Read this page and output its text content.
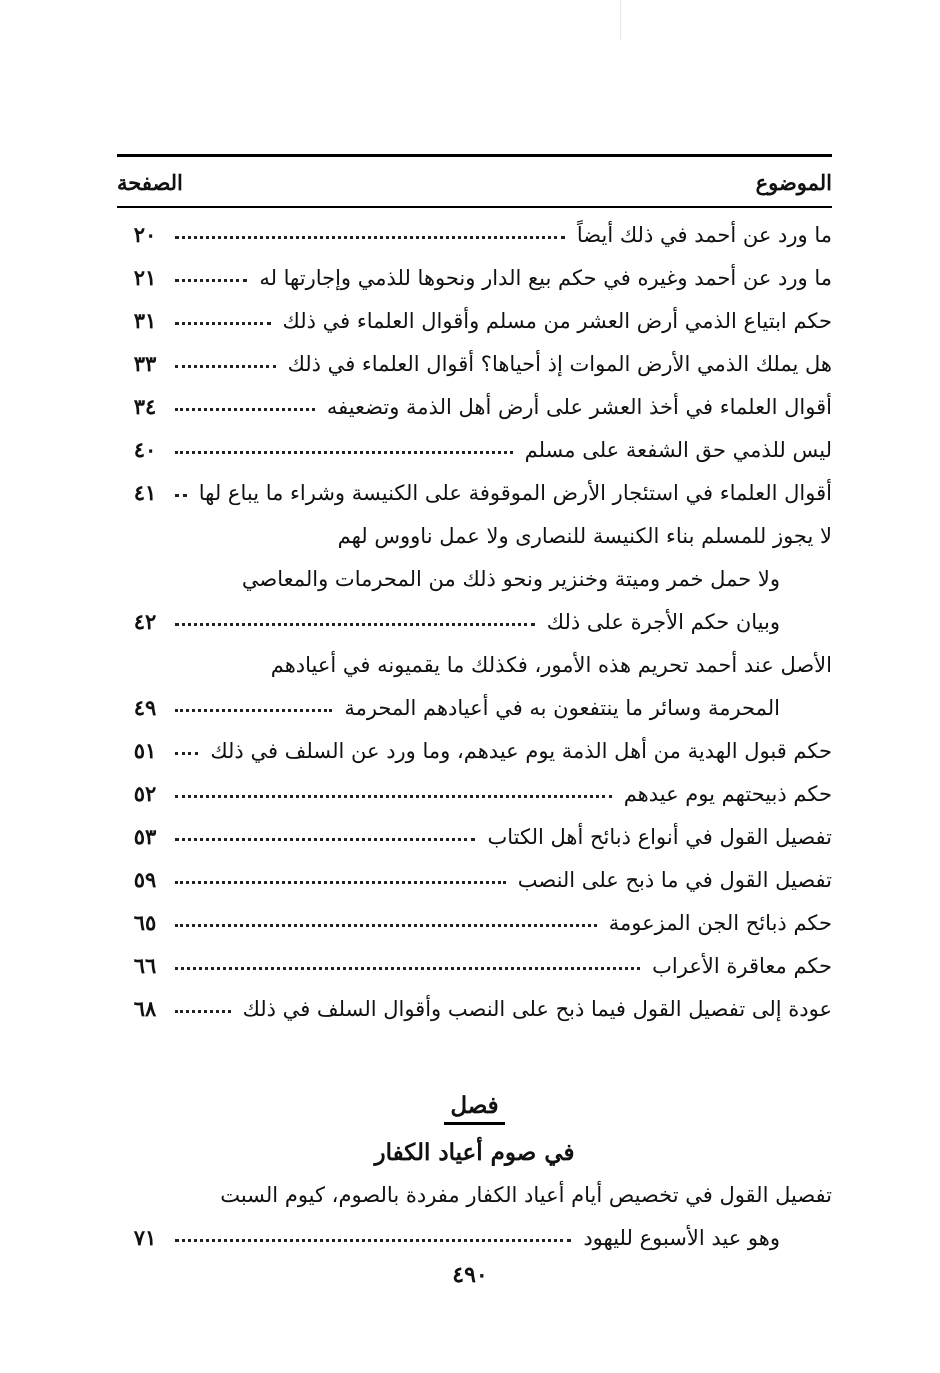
الموضوع
الصفحة
ما ورد عن أحمد في ذلك أيضاً
٢٠
ما ورد عن أحمد وغيره في حكم بيع الدار ونحوها للذمي وإجارتها له
٢١
حكم ابتياع الذمي أرض العشر من مسلم وأقوال العلماء في ذلك
٣١
هل يملك الذمي الأرض الموات إذ أحياها؟ أقوال العلماء في ذلك
٣٣
أقوال العلماء في أخذ العشر على أرض أهل الذمة وتضعيفه
٣٤
ليس للذمي حق الشفعة على مسلم
٤٠
أقوال العلماء في استئجار الأرض الموقوفة على الكنيسة وشراء ما يباع لها
٤١
لا يجوز للمسلم بناء الكنيسة للنصارى ولا عمل ناووس لهم
ولا حمل خمر وميتة وخنزير ونحو ذلك من المحرمات والمعاصي
وبيان حكم الأجرة على ذلك
٤٢
الأصل عند أحمد تحريم هذه الأمور، فكذلك ما يقميونه في أعيادهم
المحرمة وسائر ما ينتفعون به في أعيادهم المحرمة
٤٩
حكم قبول الهدية من أهل الذمة يوم عيدهم، وما ورد عن السلف في ذلك
٥١
حكم ذبيحتهم يوم عيدهم
٥٢
تفصيل القول في أنواع ذبائح أهل الكتاب
٥٣
تفصيل القول في ما ذبح على النصب
٥٩
حكم ذبائح الجن المزعومة
٦٥
حكم معاقرة الأعراب
٦٦
عودة إلى تفصيل القول فيما ذبح على النصب وأقوال السلف في ذلك
٦٨
فصل
في صوم أعياد الكفار
تفصيل القول في تخصيص أيام أعياد الكفار مفردة بالصوم، كيوم السبت
وهو عيد الأسبوع لليهود
٧١
٤٩٠
